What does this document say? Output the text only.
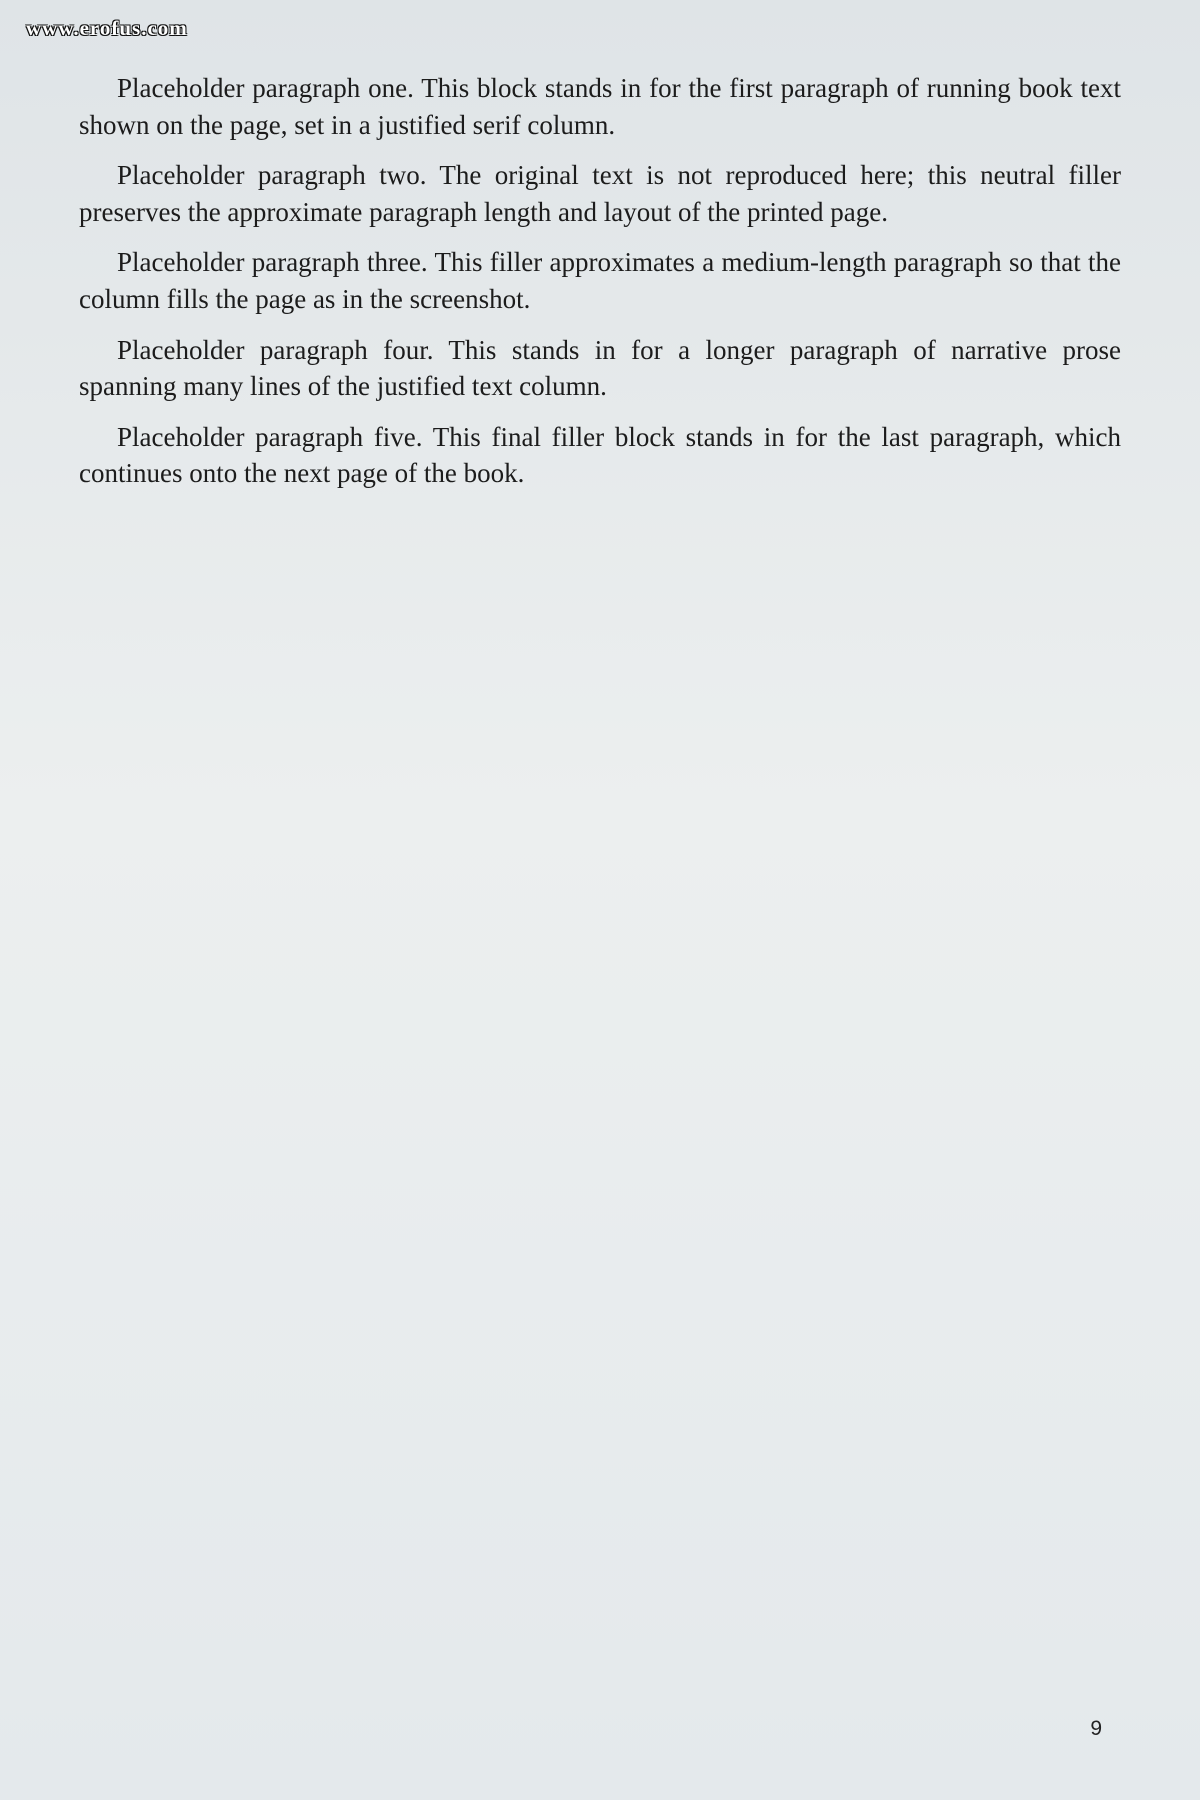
www.erofus.com

Placeholder paragraph one. This block stands in for the first paragraph of running book text shown on the page, set in a justified serif column.

Placeholder paragraph two. The original text is not reproduced here; this neutral filler preserves the approximate paragraph length and layout of the printed page.

Placeholder paragraph three. This filler approximates a medium-length paragraph so that the column fills the page as in the screenshot.

Placeholder paragraph four. This stands in for a longer paragraph of narrative prose spanning many lines of the justified text column.

Placeholder paragraph five. This final filler block stands in for the last paragraph, which continues onto the next page of the book.

9
